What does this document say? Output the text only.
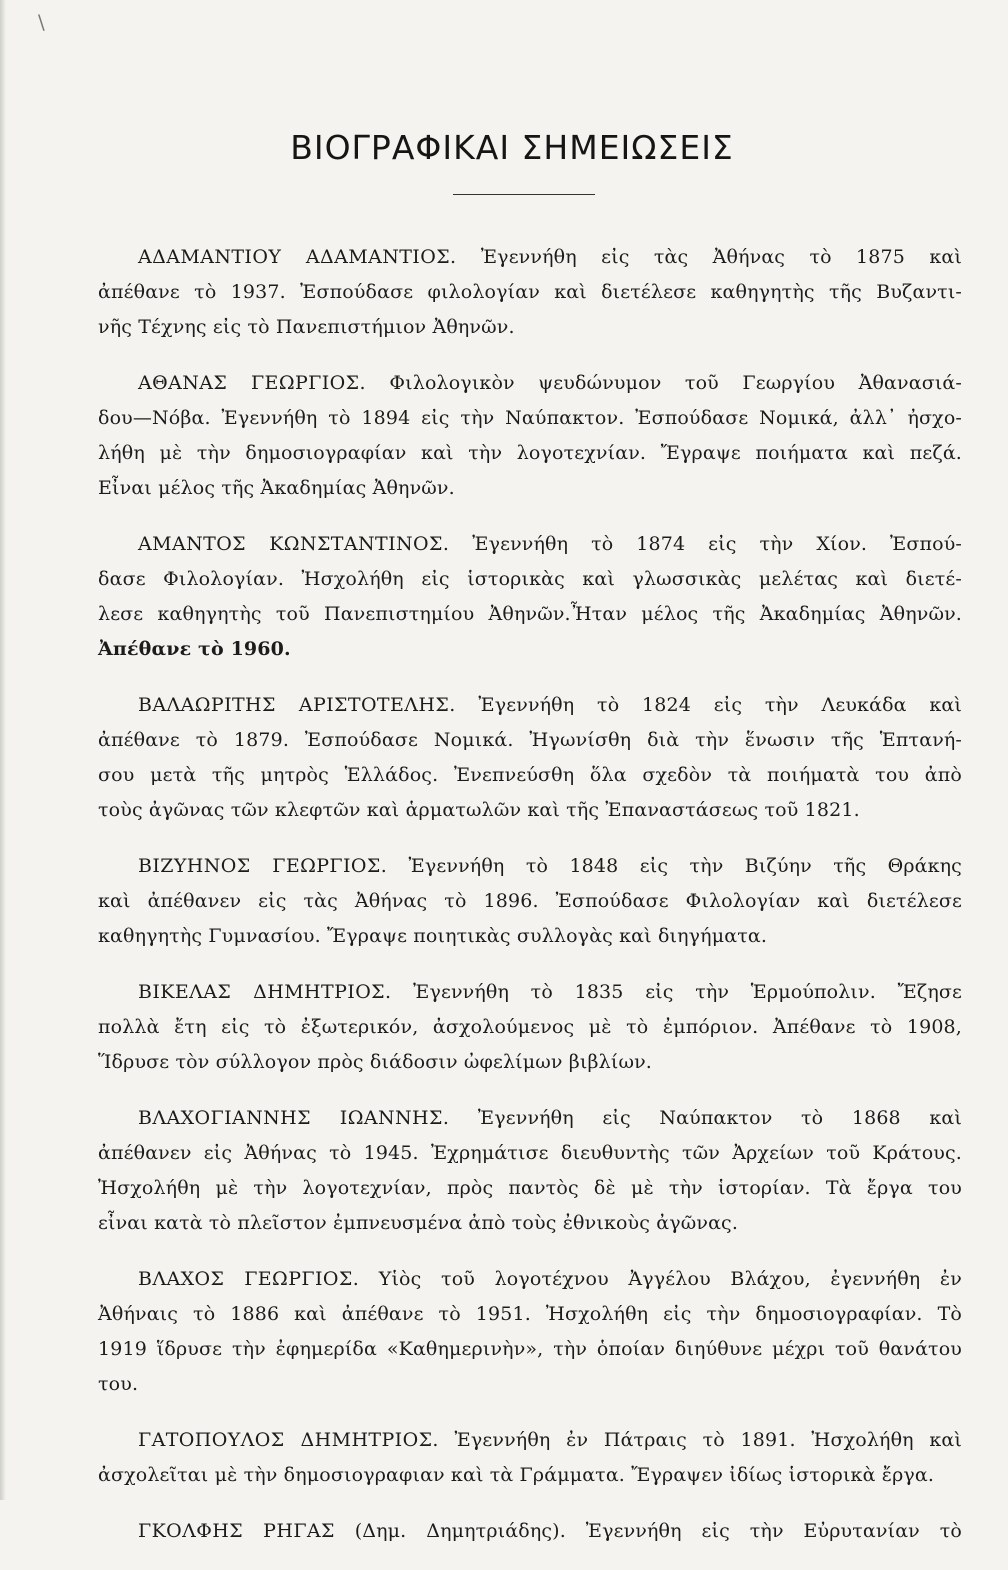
\
ΒΙΟΓΡΑΦΙΚΑΙ ΣΗΜΕΙΩΣΕΙΣ
ΑΔΑΜΑΝΤΙΟΥ ΑΔΑΜΑΝΤΙΟΣ. Ἐγεννήθη εἰς τὰς Ἀθήνας τὸ 1875 καὶ
ἀπέθανε τὸ 1937. Ἐσπούδασε φιλολογίαν καὶ διετέλεσε καθηγητὴς τῆς Βυζαντι-
νῆς Τέχνης εἰς τὸ Πανεπιστήμιον Ἀθηνῶν.
ΑΘΑΝΑΣ ΓΕΩΡΓΙΟΣ. Φιλολογικὸν ψευδώνυμον τοῦ Γεωργίου Ἀθανασιά-
δου—Νόβα. Ἐγεννήθη τὸ 1894 εἰς τὴν Ναύπακτον. Ἐσπούδασε Νομικά, ἀλλ᾽ ἠσχο-
λήθη μὲ τὴν δημοσιογραφίαν καὶ τὴν λογοτεχνίαν. Ἔγραψε ποιήματα καὶ πεζά.
Εἶναι μέλος τῆς Ἀκαδημίας Ἀθηνῶν.
ΑΜΑΝΤΟΣ ΚΩΝΣΤΑΝΤΙΝΟΣ. Ἐγεννήθη τὸ 1874 εἰς τὴν Χίον. Ἐσπού-
δασε Φιλολογίαν. Ἠσχολήθη εἰς ἱστορικὰς καὶ γλωσσικὰς μελέτας καὶ διετέ-
λεσε καθηγητὴς τοῦ Πανεπιστημίου Ἀθηνῶν.Ἦταν μέλος τῆς Ἀκαδημίας Ἀθηνῶν.
Ἀπέθανε τὸ 1960.
ΒΑΛΑΩΡΙΤΗΣ ΑΡΙΣΤΟΤΕΛΗΣ. Ἐγεννήθη τὸ 1824 εἰς τὴν Λευκάδα καὶ
ἀπέθανε τὸ 1879. Ἐσπούδασε Νομικά. Ἠγωνίσθη διὰ τὴν ἕνωσιν τῆς Ἑπτανή-
σου μετὰ τῆς μητρὸς Ἑλλάδος. Ἐνεπνεύσθη ὅλα σχεδὸν τὰ ποιήματὰ του ἀπὸ
τοὺς ἀγῶνας τῶν κλεφτῶν καὶ ἁρματωλῶν καὶ τῆς Ἐπαναστάσεως τοῦ 1821.
ΒΙΖΥΗΝΟΣ ΓΕΩΡΓΙΟΣ. Ἐγεννήθη τὸ 1848 εἰς τὴν Βιζύην τῆς Θράκης
καὶ ἀπέθανεν εἰς τὰς Ἀθήνας τὸ 1896. Ἐσπούδασε Φιλολογίαν καὶ διετέλεσε
καθηγητὴς Γυμνασίου. Ἔγραψε ποιητικὰς συλλογὰς καὶ διηγήματα.
ΒΙΚΕΛΑΣ ΔΗΜΗΤΡΙΟΣ. Ἐγεννήθη τὸ 1835 εἰς τὴν Ἑρμούπολιν. Ἔζησε
πολλὰ ἔτη εἰς τὸ ἐξωτερικόν, ἀσχολούμενος μὲ τὸ ἐμπόριον. Ἀπέθανε τὸ 1908,
Ἵδρυσε τὸν σύλλογον πρὸς διάδοσιν ὠφελίμων βιβλίων.
ΒΛΑΧΟΓΙΑΝΝΗΣ ΙΩΑΝΝΗΣ. Ἐγεννήθη εἰς Ναύπακτον τὸ 1868 καὶ
ἀπέθανεν εἰς Ἀθήνας τὸ 1945. Ἐχρημάτισε διευθυντὴς τῶν Ἀρχείων τοῦ Κράτους.
Ἠσχολήθη μὲ τὴν λογοτεχνίαν, πρὸς παντὸς δὲ μὲ τὴν ἱστορίαν. Τὰ ἔργα του
εἶναι κατὰ τὸ πλεῖστον ἐμπνευσμένα ἀπὸ τοὺς ἐθνικοὺς ἀγῶνας.
ΒΛΑΧΟΣ ΓΕΩΡΓΙΟΣ. Υἱὸς τοῦ λογοτέχνου Ἀγγέλου Βλάχου, ἐγεννήθη ἐν
Ἀθήναις τὸ 1886 καὶ ἀπέθανε τὸ 1951. Ἠσχολήθη εἰς τὴν δημοσιογραφίαν. Τὸ
1919 ἵδρυσε τὴν ἐφημερίδα «Καθημερινὴν», τὴν ὁποίαν διηύθυνε μέχρι τοῦ θανάτου
του.
ΓΑΤΟΠΟΥΛΟΣ ΔΗΜΗΤΡΙΟΣ. Ἐγεννήθη ἐν Πάτραις τὸ 1891. Ἠσχολήθη καὶ
ἀσχολεῖται μὲ τὴν δημοσιογραφιαν καὶ τὰ Γράμματα. Ἔγραψεν ἰδίως ἱστορικὰ ἔργα.
ΓΚΟΛΦΗΣ ΡΗΓΑΣ (Δημ. Δημητριάδης). Ἐγεννήθη εἰς τὴν Εὐρυτανίαν τὸ
